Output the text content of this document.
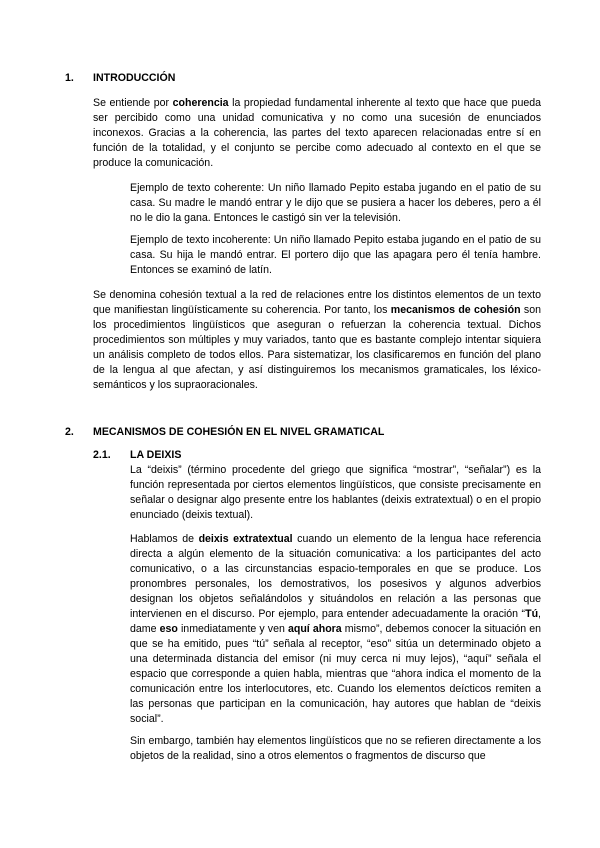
1. INTRODUCCIÓN
Se entiende por coherencia la propiedad fundamental inherente al texto que hace que pueda ser percibido como una unidad comunicativa y no como una sucesión de enunciados inconexos. Gracias a la coherencia, las partes del texto aparecen relacionadas entre sí en función de la totalidad, y el conjunto se percibe como adecuado al contexto en el que se produce la comunicación.
Ejemplo de texto coherente: Un niño llamado Pepito estaba jugando en el patio de su casa. Su madre le mandó entrar y le dijo que se pusiera a hacer los deberes, pero a él no le dio la gana. Entonces le castigó sin ver la televisión.
Ejemplo de texto incoherente: Un niño llamado Pepito estaba jugando en el patio de su casa. Su hija le mandó entrar. El portero dijo que las apagara pero él tenía hambre. Entonces se examinó de latín.
Se denomina cohesión textual a la red de relaciones entre los distintos elementos de un texto que manifiestan lingüísticamente su coherencia. Por tanto, los mecanismos de cohesión son los procedimientos lingüísticos que aseguran o refuerzan la coherencia textual. Dichos procedimientos son múltiples y muy variados, tanto que es bastante complejo intentar siquiera un análisis completo de todos ellos. Para sistematizar, los clasificaremos en función del plano de la lengua al que afectan, y así distinguiremos los mecanismos gramaticales, los léxico-semánticos y los supraoracionales.
2. MECANISMOS DE COHESIÓN EN EL NIVEL GRAMATICAL
2.1. LA DEIXIS
La “deixis” (término procedente del griego que significa “mostrar”, “señalar”) es la función representada por ciertos elementos lingüísticos, que consiste precisamente en señalar o designar algo presente entre los hablantes (deixis extratextual) o en el propio enunciado (deixis textual).
Hablamos de deixis extratextual cuando un elemento de la lengua hace referencia directa a algún elemento de la situación comunicativa: a los participantes del acto comunicativo, o a las circunstancias espacio-temporales en que se produce. Los pronombres personales, los demostrativos, los posesivos y algunos adverbios designan los objetos señalándolos y situándolos en relación a las personas que intervienen en el discurso. Por ejemplo, para entender adecuadamente la oración “Tú, dame eso inmediatamente y ven aquí ahora mismo”, debemos conocer la situación en que se ha emitido, pues “tú” señala al receptor, “eso” sitúa un determinado objeto a una determinada distancia del emisor (ni muy cerca ni muy lejos), “aquí” señala el espacio que corresponde a quien habla, mientras que “ahora indica el momento de la comunicación entre los interlocutores, etc. Cuando los elementos deícticos remiten a las personas que participan en la comunicación, hay autores que hablan de “deixis social”.
Sin embargo, también hay elementos lingüísticos que no se refieren directamente a los objetos de la realidad, sino a otros elementos o fragmentos de discurso que
